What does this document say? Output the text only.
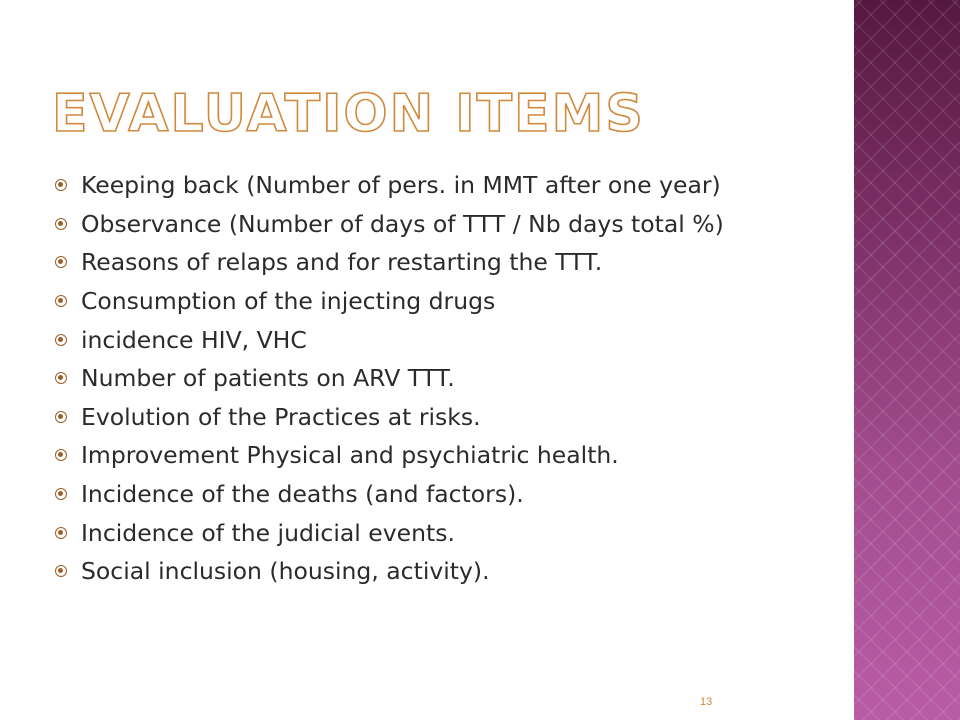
EVALUATION ITEMS
Keeping back (Number of pers. in MMT after one year)
Observance (Number of days of TTT / Nb days total %)
Reasons of relaps and for restarting the TTT.
Consumption of the injecting drugs
incidence HIV, VHC
Number of patients on ARV TTT.
Evolution of the Practices at risks.
Improvement Physical and psychiatric health.
Incidence of the deaths (and factors).
Incidence of the judicial events.
Social inclusion (housing, activity).
13
